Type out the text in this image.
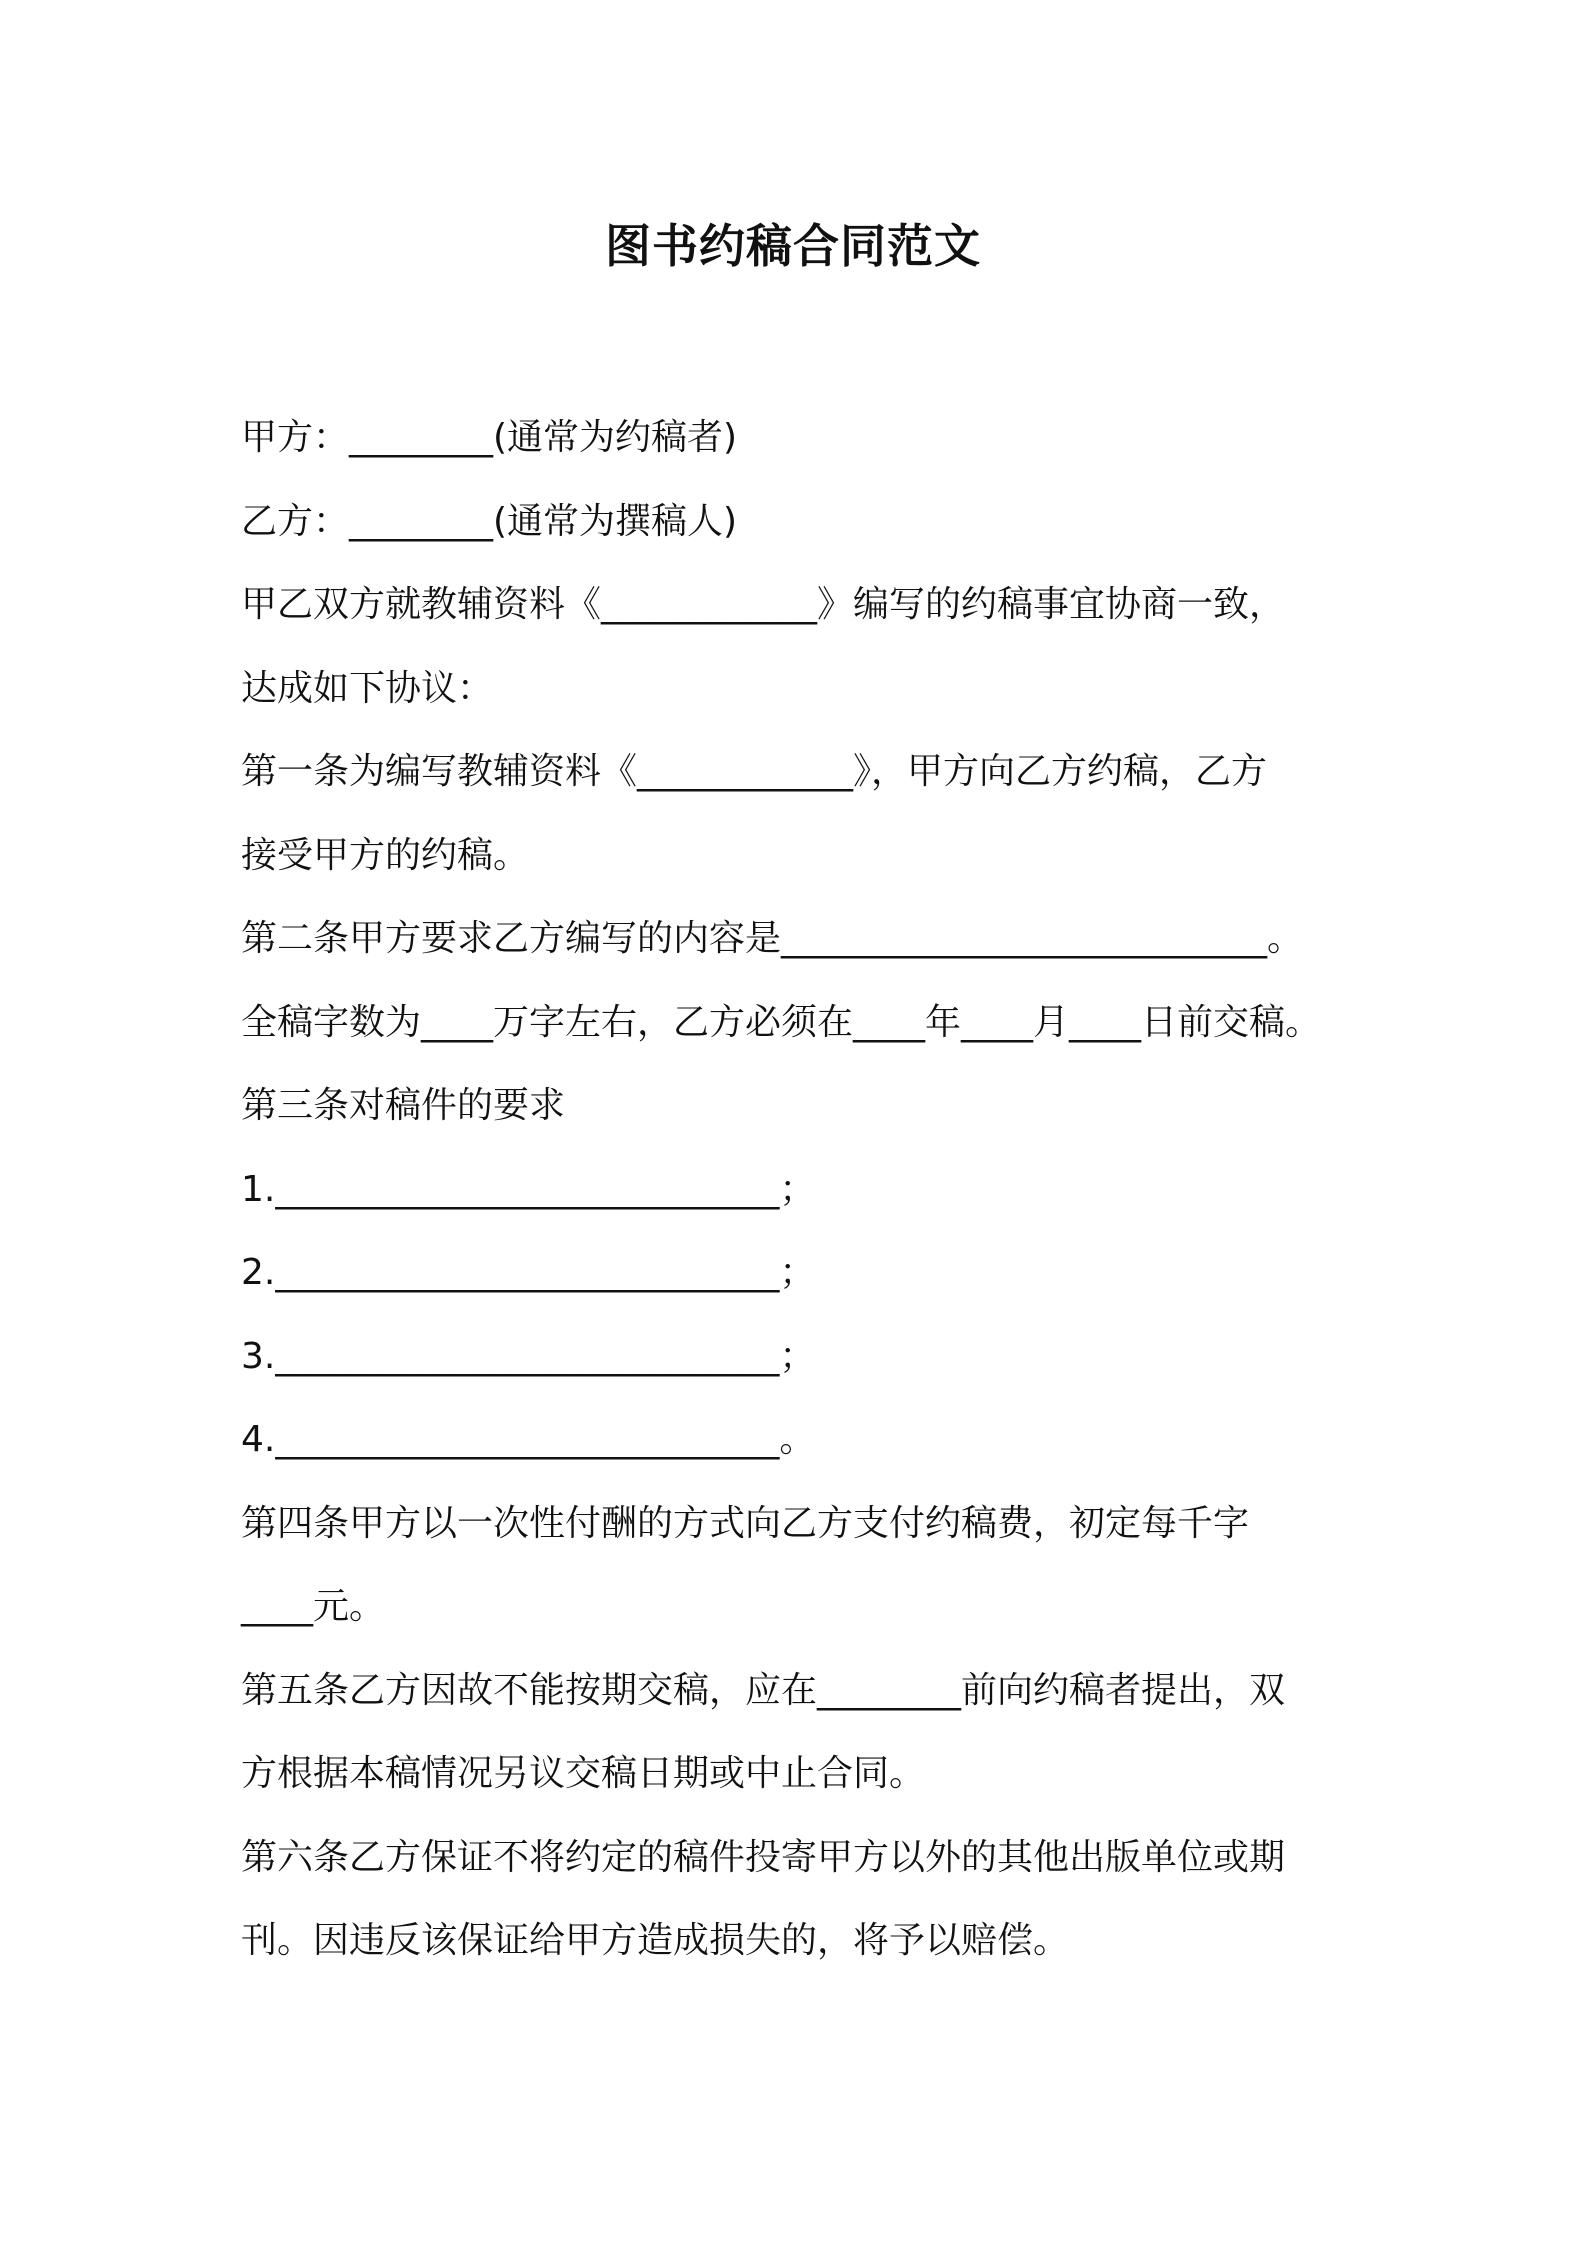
图书约稿合同范文
甲方：________(通常为约稿者)
乙方：________(通常为撰稿人)
甲乙双方就教辅资料《____________》编写的约稿事宜协商一致，
达成如下协议：
第一条为编写教辅资料《____________》，甲方向乙方约稿，乙方
接受甲方的约稿。
第二条甲方要求乙方编写的内容是___________________________。
全稿字数为____万字左右，乙方必须在____年____月____日前交稿。
第三条对稿件的要求
1.____________________________；
2.____________________________；
3.____________________________；
4.____________________________。
第四条甲方以一次性付酬的方式向乙方支付约稿费，初定每千字
____元。
第五条乙方因故不能按期交稿，应在________前向约稿者提出，双
方根据本稿情况另议交稿日期或中止合同。
第六条乙方保证不将约定的稿件投寄甲方以外的其他出版单位或期
刊。因违反该保证给甲方造成损失的，将予以赔偿。
